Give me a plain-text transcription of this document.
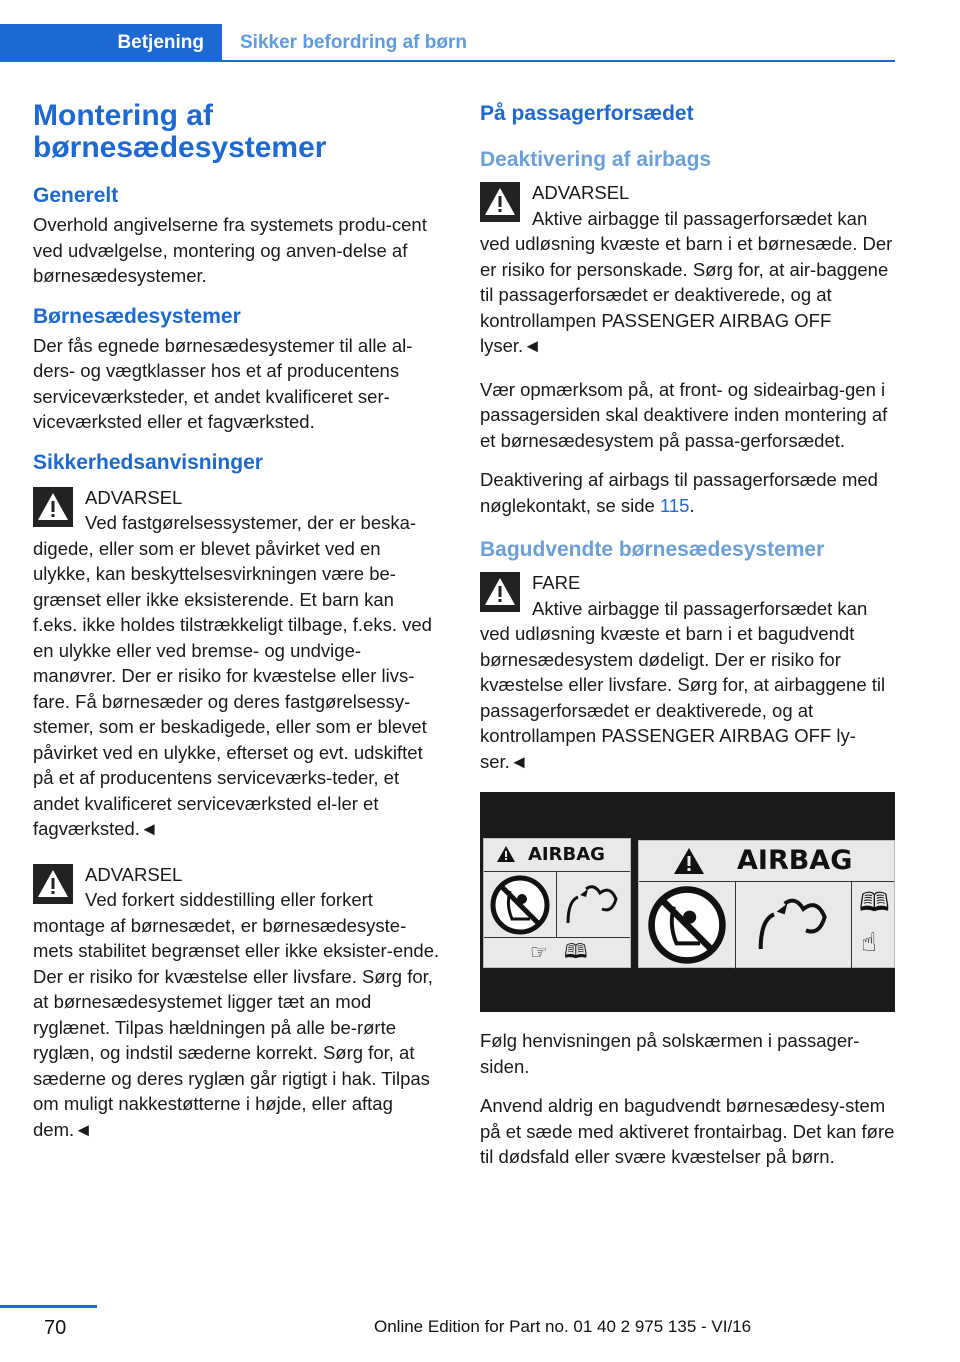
Betjening	Sikker befordring af børn
Montering af børnesædesystemer
Generelt

Overhold angivelserne fra systemets produ-cent ved udvælgelse, montering og anven-delse af børnesædesystemer.

Børnesædesystemer

Der fås egnede børnesædesystemer til alle al-ders- og vægtklasser hos et af producentens serviceværksteder, et andet kvalificeret ser-viceværksted eller et fagværksted.

Sikkerhedsanvisninger
ADVARSEL
Ved fastgørelsessystemer, der er beska-
digede, eller som er blevet påvirket ved en ulykke, kan beskyttelsesvirkningen være be-grænset eller ikke eksisterende. Et barn kan f.eks. ikke holdes tilstrækkeligt tilbage, f.eks. ved en ulykke eller ved bremse- og undvige-manøvrer. Der er risiko for kvæstelse eller livs-fare. Få børnesæder og deres fastgørelsessy-stemer, som er beskadigede, eller som er blevet påvirket ved en ulykke, efterset og evt. udskiftet på et af producentens serviceværks-teder, et andet kvalificeret serviceværksted el-ler et fagværksted.◄
ADVARSEL
Ved forkert siddestilling eller forkert
montage af børnesædet, er børnesædesyste-mets stabilitet begrænset eller ikke eksister-ende. Der er risiko for kvæstelse eller livsfare. Sørg for, at børnesædesystemet ligger tæt an mod ryglænet. Tilpas hældningen på alle be-rørte ryglæn, og indstil sæderne korrekt. Sørg for, at sæderne og deres ryglæn går rigtigt i hak. Tilpas om muligt nakkestøtterne i højde, eller aftag dem.◄
På passagerforsædet
Deaktivering af airbags
ADVARSEL
Aktive airbagge til passagerforsædet kan
ved udløsning kvæste et barn i et børnesæde. Der er risiko for personskade. Sørg for, at air-baggene til passagerforsædet er deaktiverede, og at kontrollampen PASSENGER AIRBAG OFF lyser.◄

Vær opmærksom på, at front- og sideairbag-gen i passagersiden skal deaktivere inden montering af et børnesædesystem på passa-gerforsædet.

Deaktivering af airbags til passagerforsæde med nøglekontakt, se side 115.

Bagudvendte børnesædesystemer
FARE
Aktive airbagge til passagerforsædet kan
ved udløsning kvæste et barn i et bagudvendt børnesædesystem dødeligt. Der er risiko for kvæstelse eller livsfare. Sørg for, at airbaggene til passagerforsædet er deaktiverede, og at kontrollampen PASSENGER AIRBAG OFF ly-ser.◄
AIRBAG
☞ 🕮
AIRBAG
🕮
☝

Følg henvisningen på solskærmen i passager-siden.

Anvend aldrig en bagudvendt børnesædesy-stem på et sæde med aktiveret frontairbag. Det kan føre til dødsfald eller svære kvæstelser på børn.

70	Online Edition for Part no. 01 40 2 975 135 - VI/16
